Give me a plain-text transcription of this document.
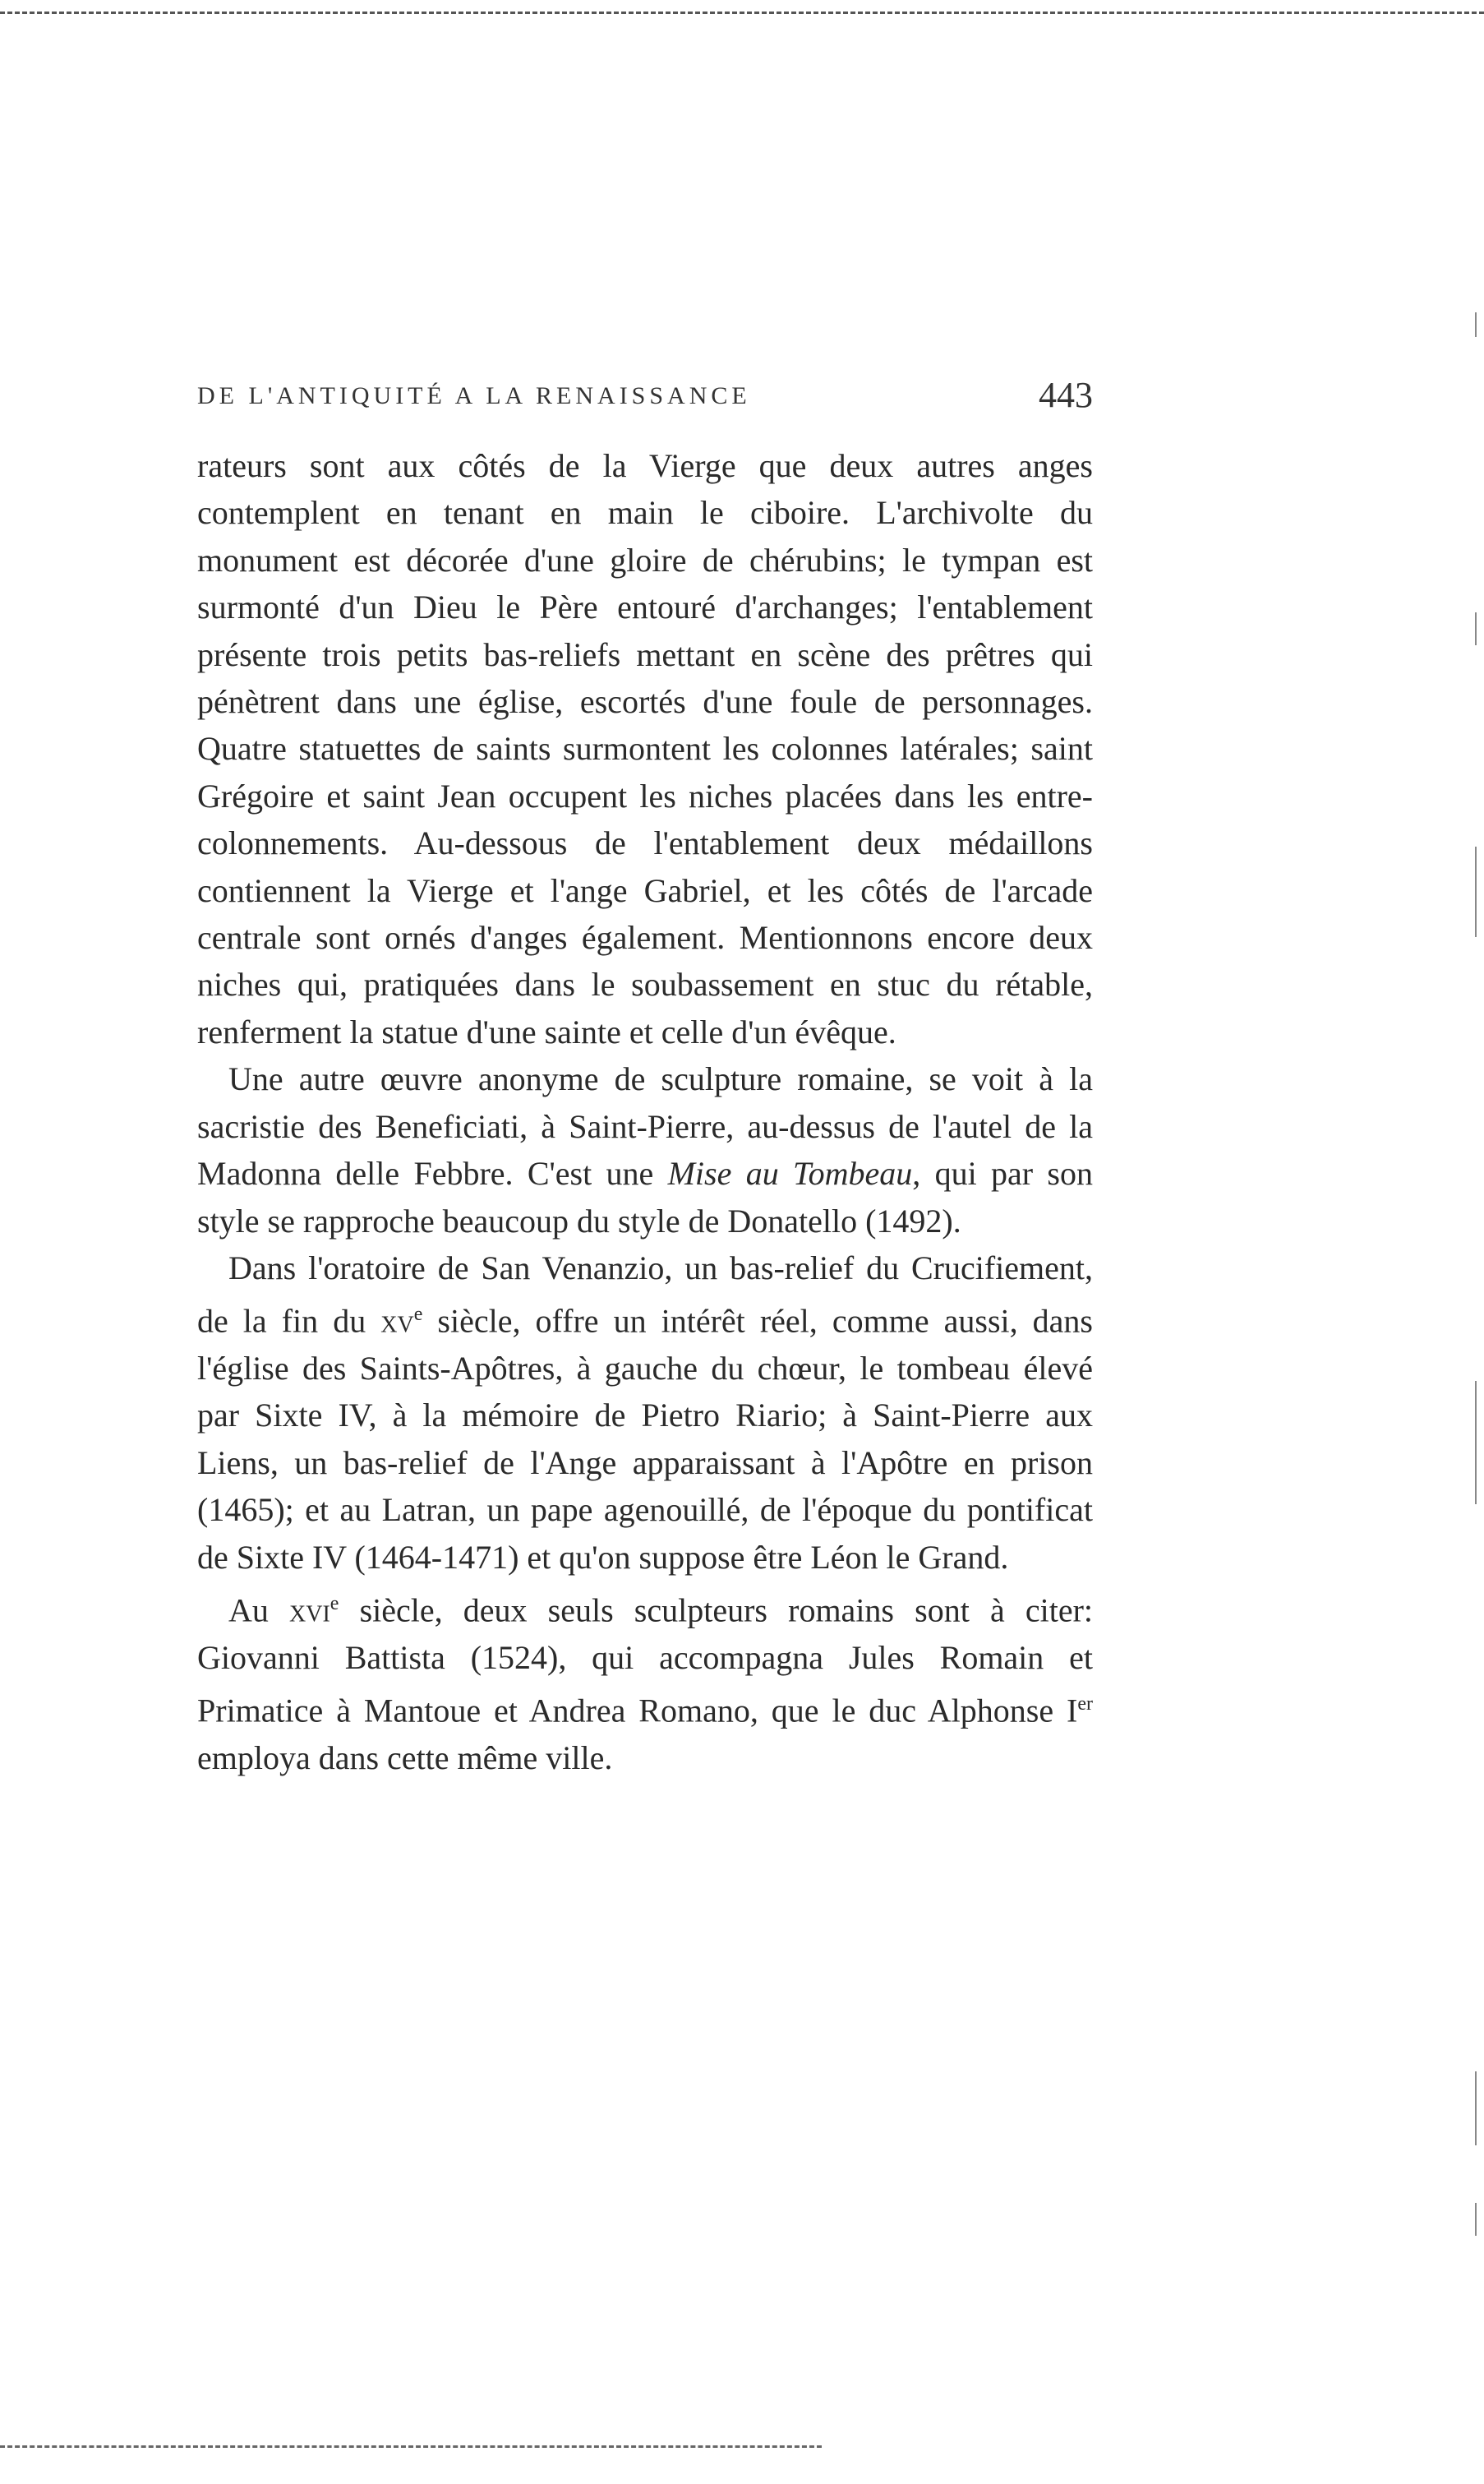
DE L'ANTIQUITÉ A LA RENAISSANCE	443

rateurs sont aux côtés de la Vierge que deux autres anges contemplent en tenant en main le ciboire. L'archivolte du monument est décorée d'une gloire de chérubins; le tympan est surmonté d'un Dieu le Père entouré d'archanges; l'entablement présente trois petits bas-reliefs mettant en scène des prêtres qui pénètrent dans une église, escortés d'une foule de personnages. Quatre statuettes de saints surmontent les colonnes latérales; saint Grégoire et saint Jean occupent les niches placées dans les entre-colonnements. Au-dessous de l'entablement deux médaillons contiennent la Vierge et l'ange Gabriel, et les côtés de l'arcade centrale sont ornés d'anges également. Mentionnons encore deux niches qui, pratiquées dans le soubassement en stuc du rétable, renferment la statue d'une sainte et celle d'un évêque.

Une autre œuvre anonyme de sculpture romaine, se voit à la sacristie des Beneficiati, à Saint-Pierre, au-dessus de l'autel de la Madonna delle Febbre. C'est une Mise au Tombeau, qui par son style se rapproche beaucoup du style de Donatello (1492).

Dans l'oratoire de San Venanzio, un bas-relief du Crucifiement, de la fin du $xv^e$ siècle, offre un intérêt réel, comme aussi, dans l'église des Saints-Apôtres, à gauche du chœur, le tombeau élevé par Sixte IV, à la mémoire de Pietro Riario; à Saint-Pierre aux Liens, un bas-relief de l'Ange apparaissant à l'Apôtre en prison (1465); et au Latran, un pape agenouillé, de l'époque du pontificat de Sixte IV (1464-1471) et qu'on suppose être Léon le Grand.

Au xvi$^e$ siècle, deux seuls sculpteurs romains sont à citer: Giovanni Battista (1524), qui accompagna Jules Romain et Primatice à Mantoue et Andrea Romano, que le duc Alphonse Ier employa dans cette même ville.
